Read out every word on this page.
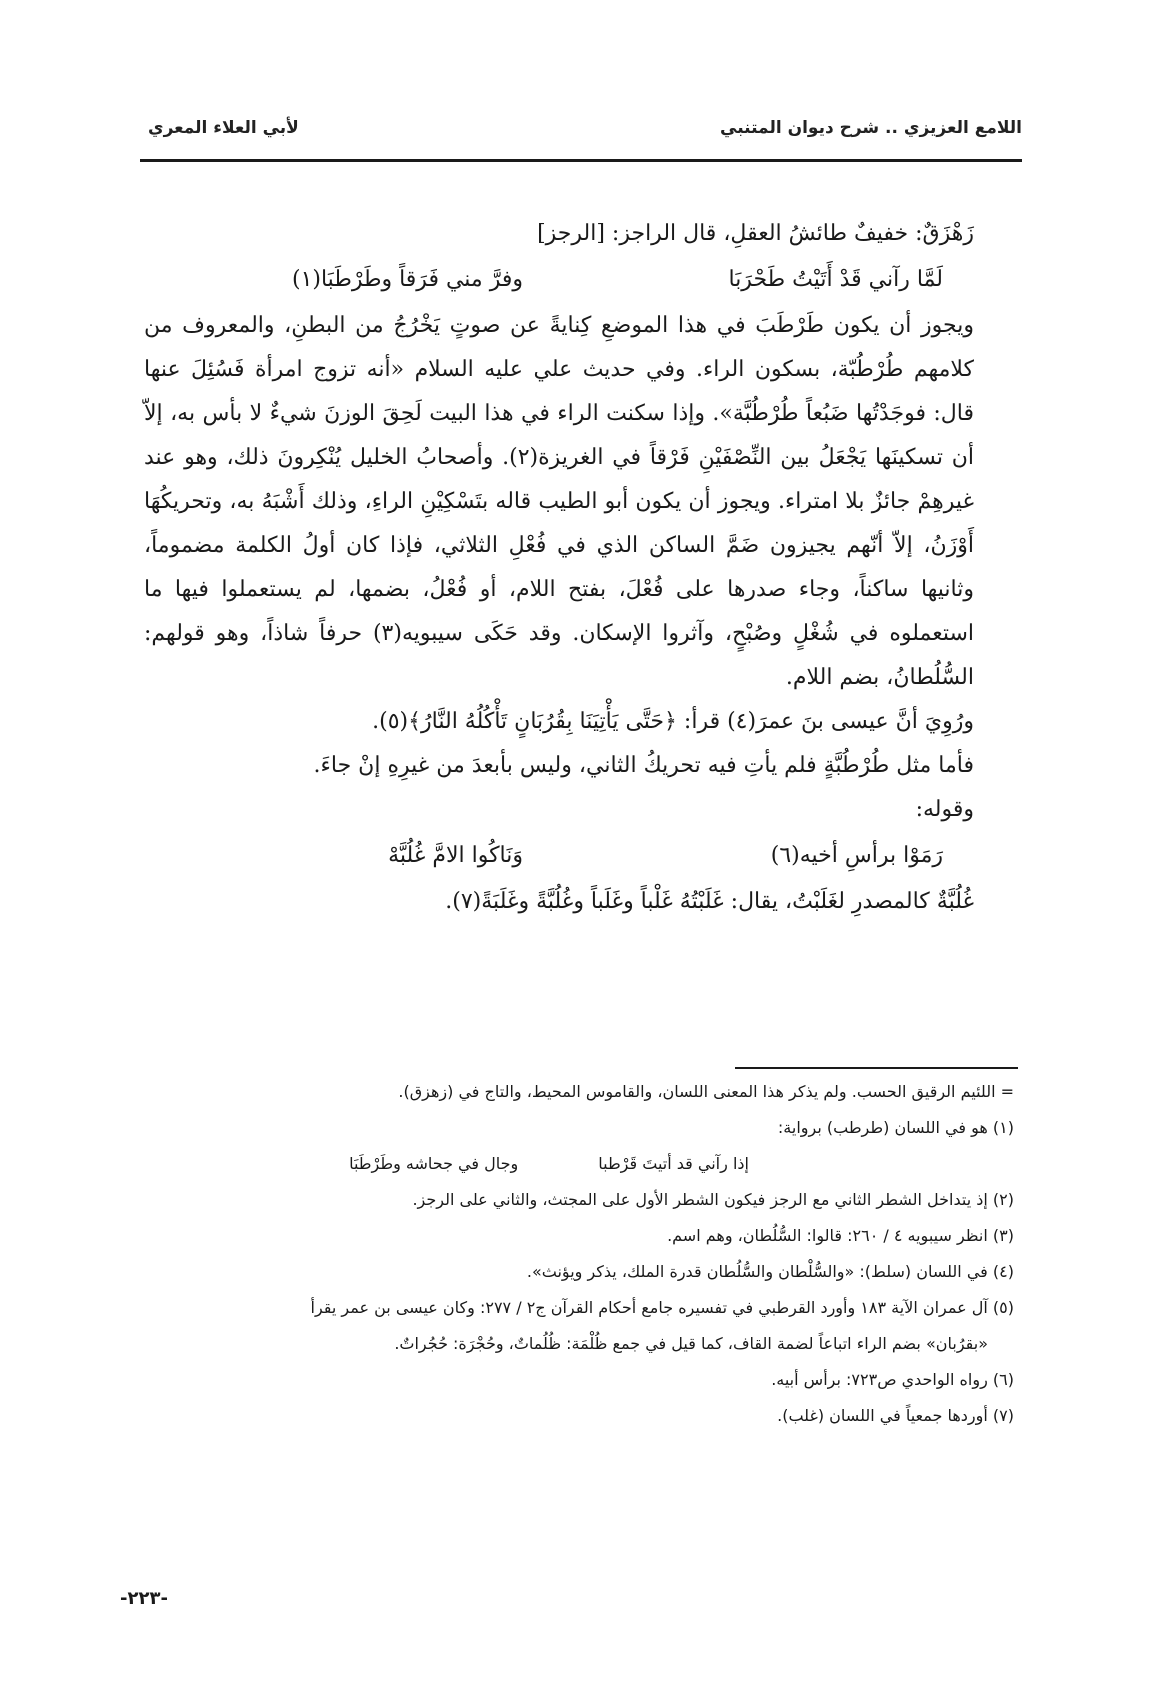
اللامع العزيزي .. شرح ديوان المتنبي
لأبي العلاء المعري

زَهْزَقٌ: خفيفٌ طائشُ العقلِ، قال الراجز: [الرجز]

لَمَّا رآني قَدْ أَتَيْتُ طَحْرَبَا
وفرَّ مني فَرَقاً وطَرْطَبَا(١)

ويجوز أن يكون طَرْطَبَ في هذا الموضعِ كِنايةً عن صوتٍ يَخْرُجُ من البطنِ، والمعروف من كلامهم طُرْطُبّة، بسكون الراء. وفي حديث علي عليه السلام «أنه تزوج امرأة فَسُئِلَ عنها قال: فوجَدْتُها ضَبُعاً طُرْطُبَّة». وإذا سكنت الراء في هذا البيت لَحِقَ الوزنَ شيءٌ لا بأس به، إلاّ أن تسكينَها يَجْعَلُ بين النِّصْفَيْنِ فَرْقاً في الغريزة(٢). وأصحابُ الخليل يُنْكِرونَ ذلك، وهو عند غيرهِمْ جائزٌ بلا امتراء. ويجوز أن يكون أبو الطيب قاله بتَسْكِيْنِ الراءِ، وذلك أَشْبَهُ به، وتحريكُهَا أَوْزَنُ، إلاّ أنّهم يجيزون ضَمَّ الساكن الذي في فُعْلِ الثلاثي، فإذا كان أولُ الكلمة مضموماً، وثانيها ساكناً، وجاء صدرها على فُعْلَ، بفتح اللام، أو فُعْلُ، بضمها، لم يستعملوا فيها ما استعملوه في شُغْلٍ وصُبْحٍ، وآثروا الإسكان. وقد حَكَى سيبويه(٣) حرفاً شاذاً، وهو قولهم: السُّلُطانُ، بضم اللام.

ورُوِيَ أنَّ عيسى بنَ عمرَ(٤) قرأ: ﴿حَتَّى يَأْتِيَنَا بِقُرُبَانٍ تَأْكُلُهُ النَّارُ﴾(٥).

فأما مثل طُرْطُبَّةٍ فلم يأتِ فيه تحريكُ الثاني، وليس بأبعدَ من غيرِهِ إنْ جاءَ.

وقوله:

رَمَوْا برأسِ أخيه(٦)
وَنَاكُوا الامَّ غُلُبَّهْ

غُلُبَّةٌ كالمصدرِ لغَلَبْتُ، يقال: غَلَبْتُهُ غَلْباً وغَلَباً وغُلُبَّةً وغَلَبَةً(٧).

= اللئيم الرقيق الحسب. ولم يذكر هذا المعنى اللسان، والقاموس المحيط، والتاج في (زهزق).

(١) هو في اللسان (طرطب) برواية:

إذا رآني قد أتيتَ قَرْطبا
وجال في جحاشه وطَرْطَبَا

(٢) إذ يتداخل الشطر الثاني مع الرجز فيكون الشطر الأول على المجتث، والثاني على الرجز.

(٣) انظر سيبويه ٤ / ٢٦٠: قالوا: السُّلُطان، وهم اسم.

(٤) في اللسان (سلط): «والسُّلْطان والسُّلُطان قدرة الملك، يذكر ويؤنث».

(٥) آل عمران الآية ١٨٣ وأورد القرطبي في تفسيره جامع أحكام القرآن ج٢ / ٢٧٧: وكان عيسى بن عمر يقرأ

«بقرُبان» بضم الراء اتباعاً لضمة القاف، كما قيل في جمع ظُلْمَة: ظُلُماتٌ، وحُجْرَة: حُجُراتٌ.

(٦) رواه الواحدي ص٧٢٣: برأس أبيه.

(٧) أوردها جمعياً في اللسان (غلب).

-٢٢٣-
